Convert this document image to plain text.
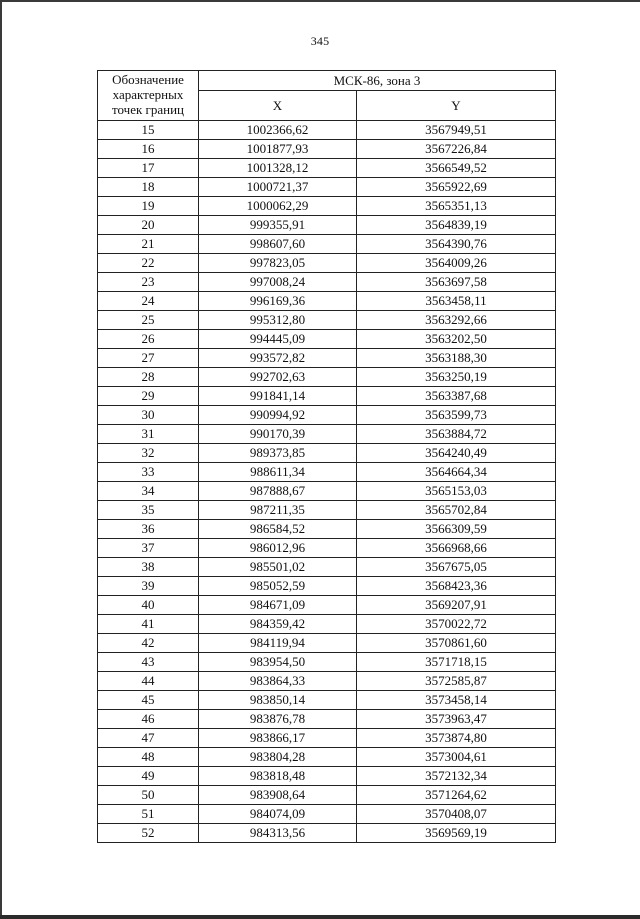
345
Обозначение характерных точек границ	МСК-86, зона 3	
	X	Y
15	1002366,62	3567949,51
16	1001877,93	3567226,84
17	1001328,12	3566549,52
18	1000721,37	3565922,69
19	1000062,29	3565351,13
20	999355,91	3564839,19
21	998607,60	3564390,76
22	997823,05	3564009,26
23	997008,24	3563697,58
24	996169,36	3563458,11
25	995312,80	3563292,66
26	994445,09	3563202,50
27	993572,82	3563188,30
28	992702,63	3563250,19
29	991841,14	3563387,68
30	990994,92	3563599,73
31	990170,39	3563884,72
32	989373,85	3564240,49
33	988611,34	3564664,34
34	987888,67	3565153,03
35	987211,35	3565702,84
36	986584,52	3566309,59
37	986012,96	3566968,66
38	985501,02	3567675,05
39	985052,59	3568423,36
40	984671,09	3569207,91
41	984359,42	3570022,72
42	984119,94	3570861,60
43	983954,50	3571718,15
44	983864,33	3572585,87
45	983850,14	3573458,14
46	983876,78	3573963,47
47	983866,17	3573874,80
48	983804,28	3573004,61
49	983818,48	3572132,34
50	983908,64	3571264,62
51	984074,09	3570408,07
52	984313,56	3569569,19
